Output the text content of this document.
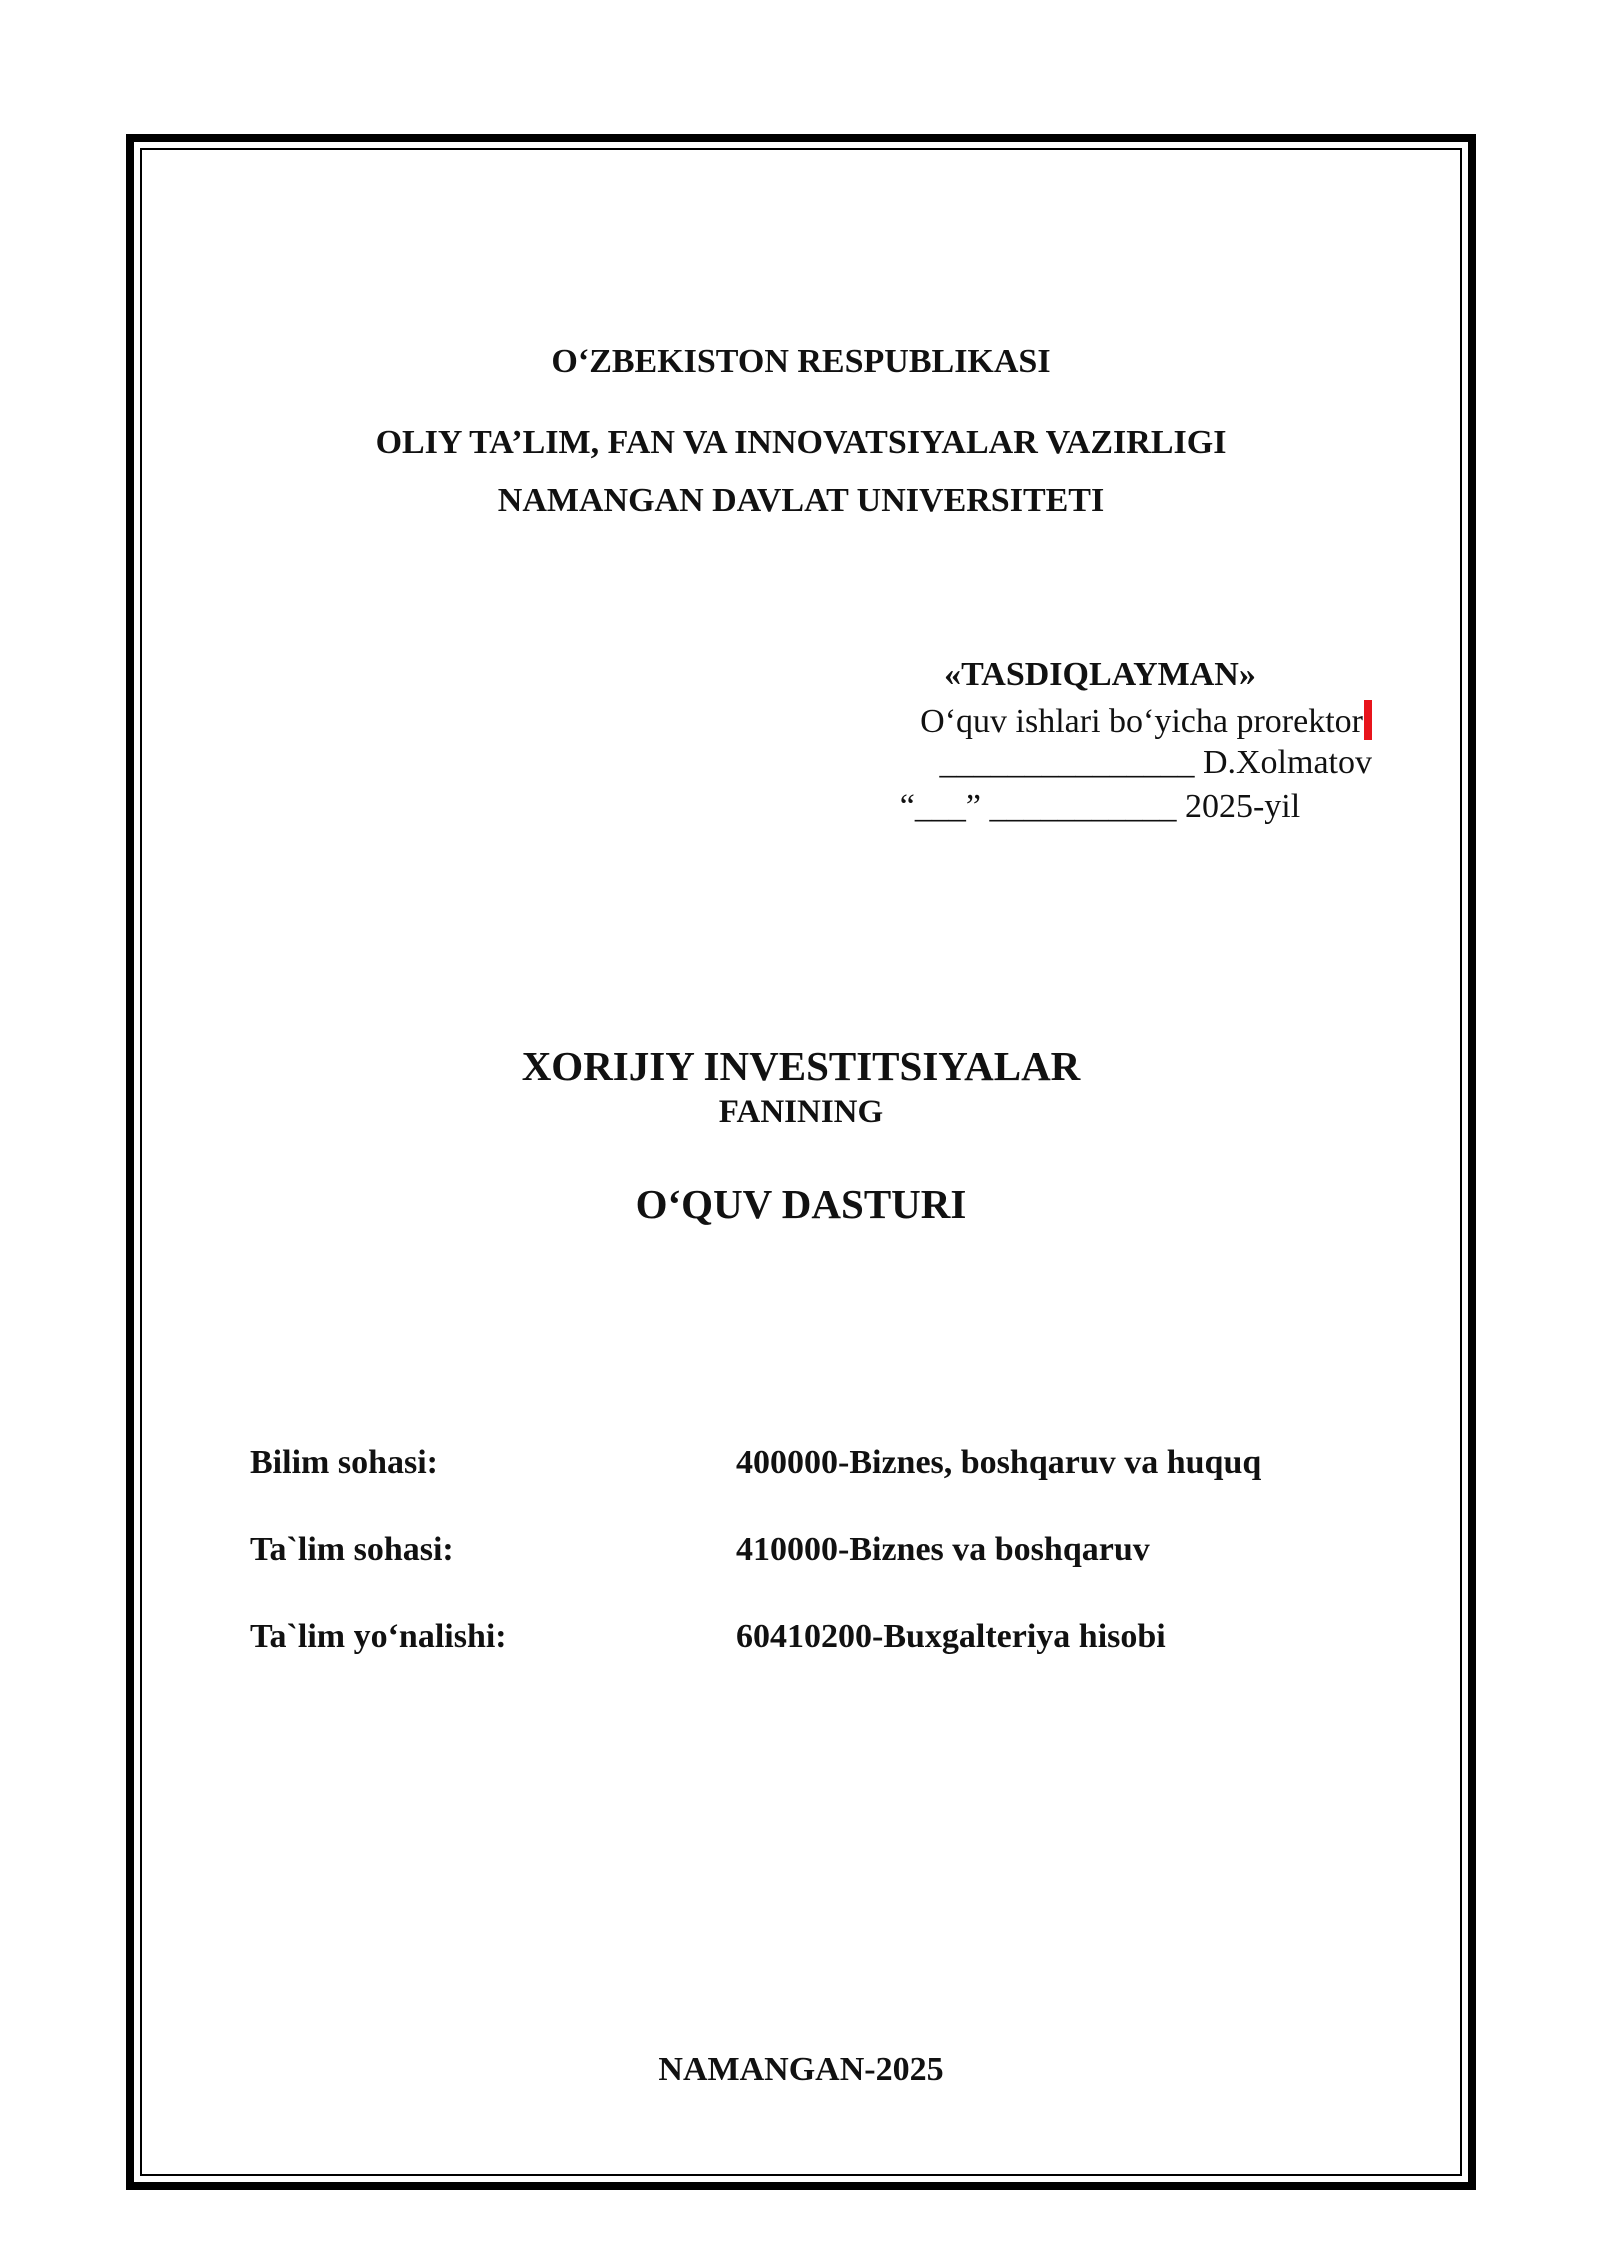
O‘ZBEKISTON RESPUBLIKASI
OLIY TA’LIM, FAN VA INNOVATSIYALAR VAZIRLIGI
NAMANGAN DAVLAT UNIVERSITETI
«TASDIQLAYMAN»
O‘quv ishlari bo‘yicha prorektor
_______________ D.Xolmatov
“___” ___________ 2025-yil
XORIJIY INVESTITSIYALAR
FANINING
O‘QUV DASTURI
Bilim sohasi:	400000-Biznes, boshqaruv va huquq
Ta`lim sohasi:	410000-Biznes va boshqaruv
Ta`lim yo‘nalishi:	60410200-Buxgalteriya hisobi
NAMANGAN-2025
